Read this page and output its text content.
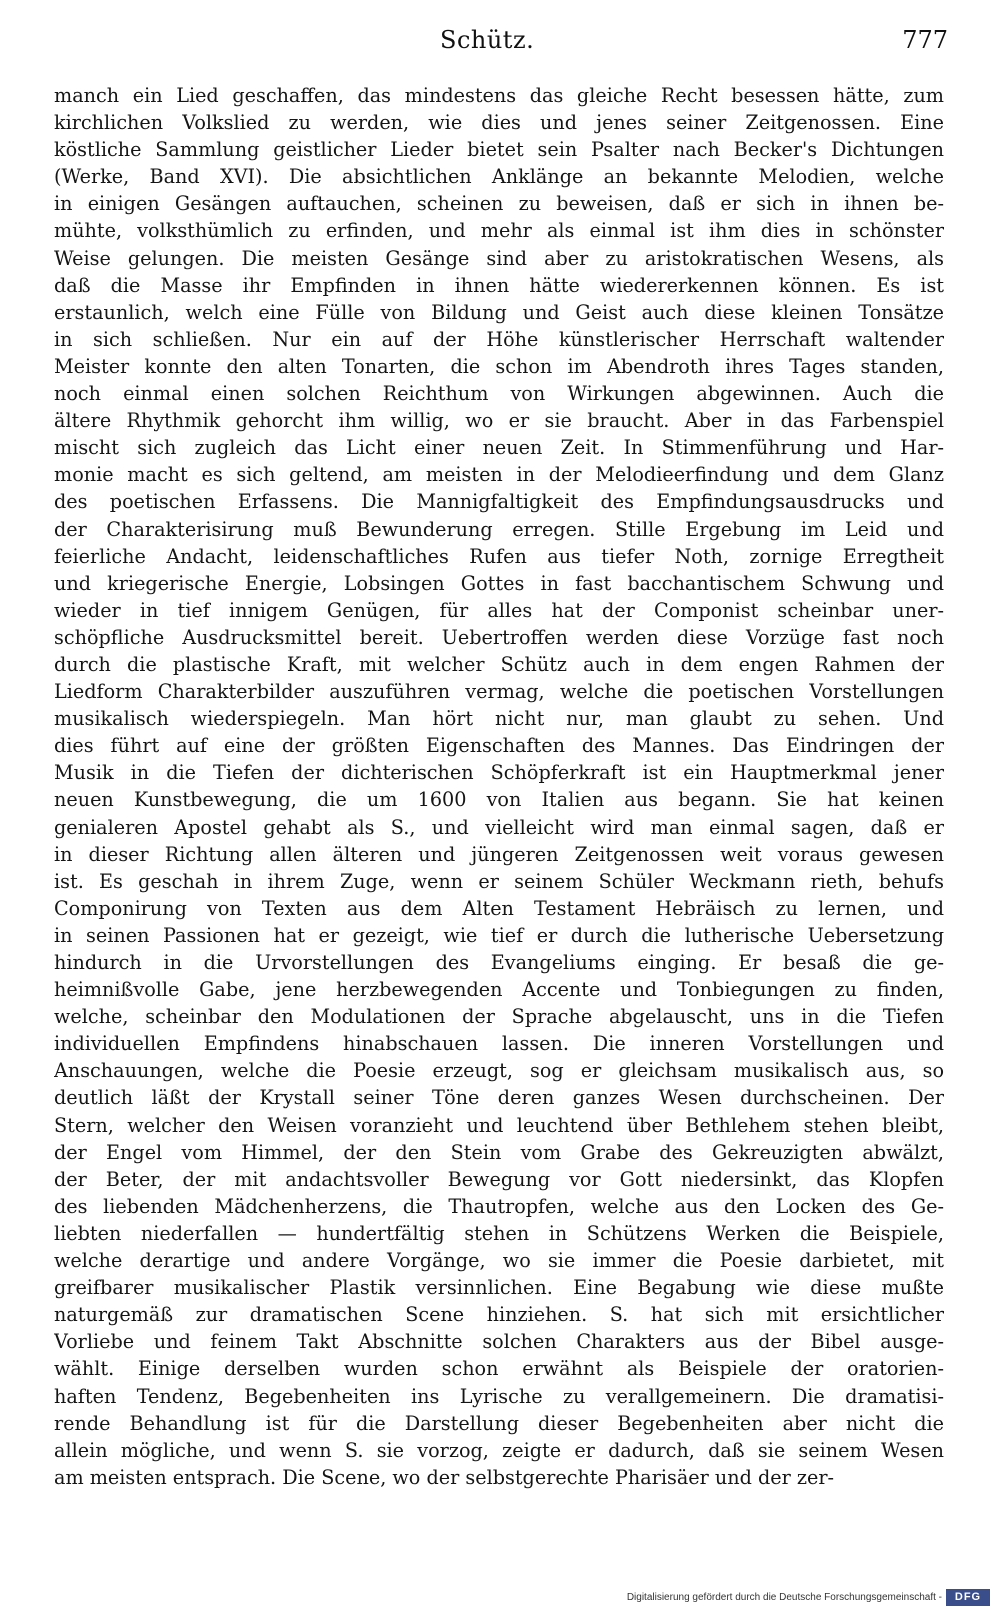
Schütz.	777
manch ein Lied geschaffen, das mindestens das gleiche Recht besessen hätte, zum
kirchlichen Volkslied zu werden, wie dies und jenes seiner Zeitgenossen. Eine
köstliche Sammlung geistlicher Lieder bietet sein Psalter nach Becker's Dichtungen
(Werke, Band XVI). Die absichtlichen Anklänge an bekannte Melodien, welche
in einigen Gesängen auftauchen, scheinen zu beweisen, daß er sich in ihnen be-
mühte, volksthümlich zu erfinden, und mehr als einmal ist ihm dies in schönster
Weise gelungen. Die meisten Gesänge sind aber zu aristokratischen Wesens, als
daß die Masse ihr Empfinden in ihnen hätte wiedererkennen können. Es ist
erstaunlich, welch eine Fülle von Bildung und Geist auch diese kleinen Tonsätze
in sich schließen. Nur ein auf der Höhe künstlerischer Herrschaft waltender
Meister konnte den alten Tonarten, die schon im Abendroth ihres Tages standen,
noch einmal einen solchen Reichthum von Wirkungen abgewinnen. Auch die
ältere Rhythmik gehorcht ihm willig, wo er sie braucht. Aber in das Farbenspiel
mischt sich zugleich das Licht einer neuen Zeit. In Stimmenführung und Har-
monie macht es sich geltend, am meisten in der Melodieerfindung und dem Glanz
des poetischen Erfassens. Die Mannigfaltigkeit des Empfindungsausdrucks und
der Charakterisirung muß Bewunderung erregen. Stille Ergebung im Leid und
feierliche Andacht, leidenschaftliches Rufen aus tiefer Noth, zornige Erregtheit
und kriegerische Energie, Lobsingen Gottes in fast bacchantischem Schwung und
wieder in tief innigem Genügen, für alles hat der Componist scheinbar uner-
schöpfliche Ausdrucksmittel bereit. Uebertroffen werden diese Vorzüge fast noch
durch die plastische Kraft, mit welcher Schütz auch in dem engen Rahmen der
Liedform Charakterbilder auszuführen vermag, welche die poetischen Vorstellungen
musikalisch wiederspiegeln. Man hört nicht nur, man glaubt zu sehen. Und
dies führt auf eine der größten Eigenschaften des Mannes. Das Eindringen der
Musik in die Tiefen der dichterischen Schöpferkraft ist ein Hauptmerkmal jener
neuen Kunstbewegung, die um 1600 von Italien aus begann. Sie hat keinen
genialeren Apostel gehabt als S., und vielleicht wird man einmal sagen, daß er
in dieser Richtung allen älteren und jüngeren Zeitgenossen weit voraus gewesen
ist. Es geschah in ihrem Zuge, wenn er seinem Schüler Weckmann rieth, behufs
Componirung von Texten aus dem Alten Testament Hebräisch zu lernen, und
in seinen Passionen hat er gezeigt, wie tief er durch die lutherische Uebersetzung
hindurch in die Urvorstellungen des Evangeliums einging. Er besaß die ge-
heimnißvolle Gabe, jene herzbewegenden Accente und Tonbiegungen zu finden,
welche, scheinbar den Modulationen der Sprache abgelauscht, uns in die Tiefen
individuellen Empfindens hinabschauen lassen. Die inneren Vorstellungen und
Anschauungen, welche die Poesie erzeugt, sog er gleichsam musikalisch aus, so
deutlich läßt der Krystall seiner Töne deren ganzes Wesen durchscheinen. Der
Stern, welcher den Weisen voranzieht und leuchtend über Bethlehem stehen bleibt,
der Engel vom Himmel, der den Stein vom Grabe des Gekreuzigten abwälzt,
der Beter, der mit andachtsvoller Bewegung vor Gott niedersinkt, das Klopfen
des liebenden Mädchenherzens, die Thautropfen, welche aus den Locken des Ge-
liebten niederfallen — hundertfältig stehen in Schützens Werken die Beispiele,
welche derartige und andere Vorgänge, wo sie immer die Poesie darbietet, mit
greifbarer musikalischer Plastik versinnlichen. Eine Begabung wie diese mußte
naturgemäß zur dramatischen Scene hinziehen. S. hat sich mit ersichtlicher
Vorliebe und feinem Takt Abschnitte solchen Charakters aus der Bibel ausge-
wählt. Einige derselben wurden schon erwähnt als Beispiele der oratorien-
haften Tendenz, Begebenheiten ins Lyrische zu verallgemeinern. Die dramatisi-
rende Behandlung ist für die Darstellung dieser Begebenheiten aber nicht die
allein mögliche, und wenn S. sie vorzog, zeigte er dadurch, daß sie seinem Wesen
am meisten entsprach. Die Scene, wo der selbstgerechte Pharisäer und der zer-
Digitalisierung gefördert durch die Deutsche Forschungsgemeinschaft -	DFG
